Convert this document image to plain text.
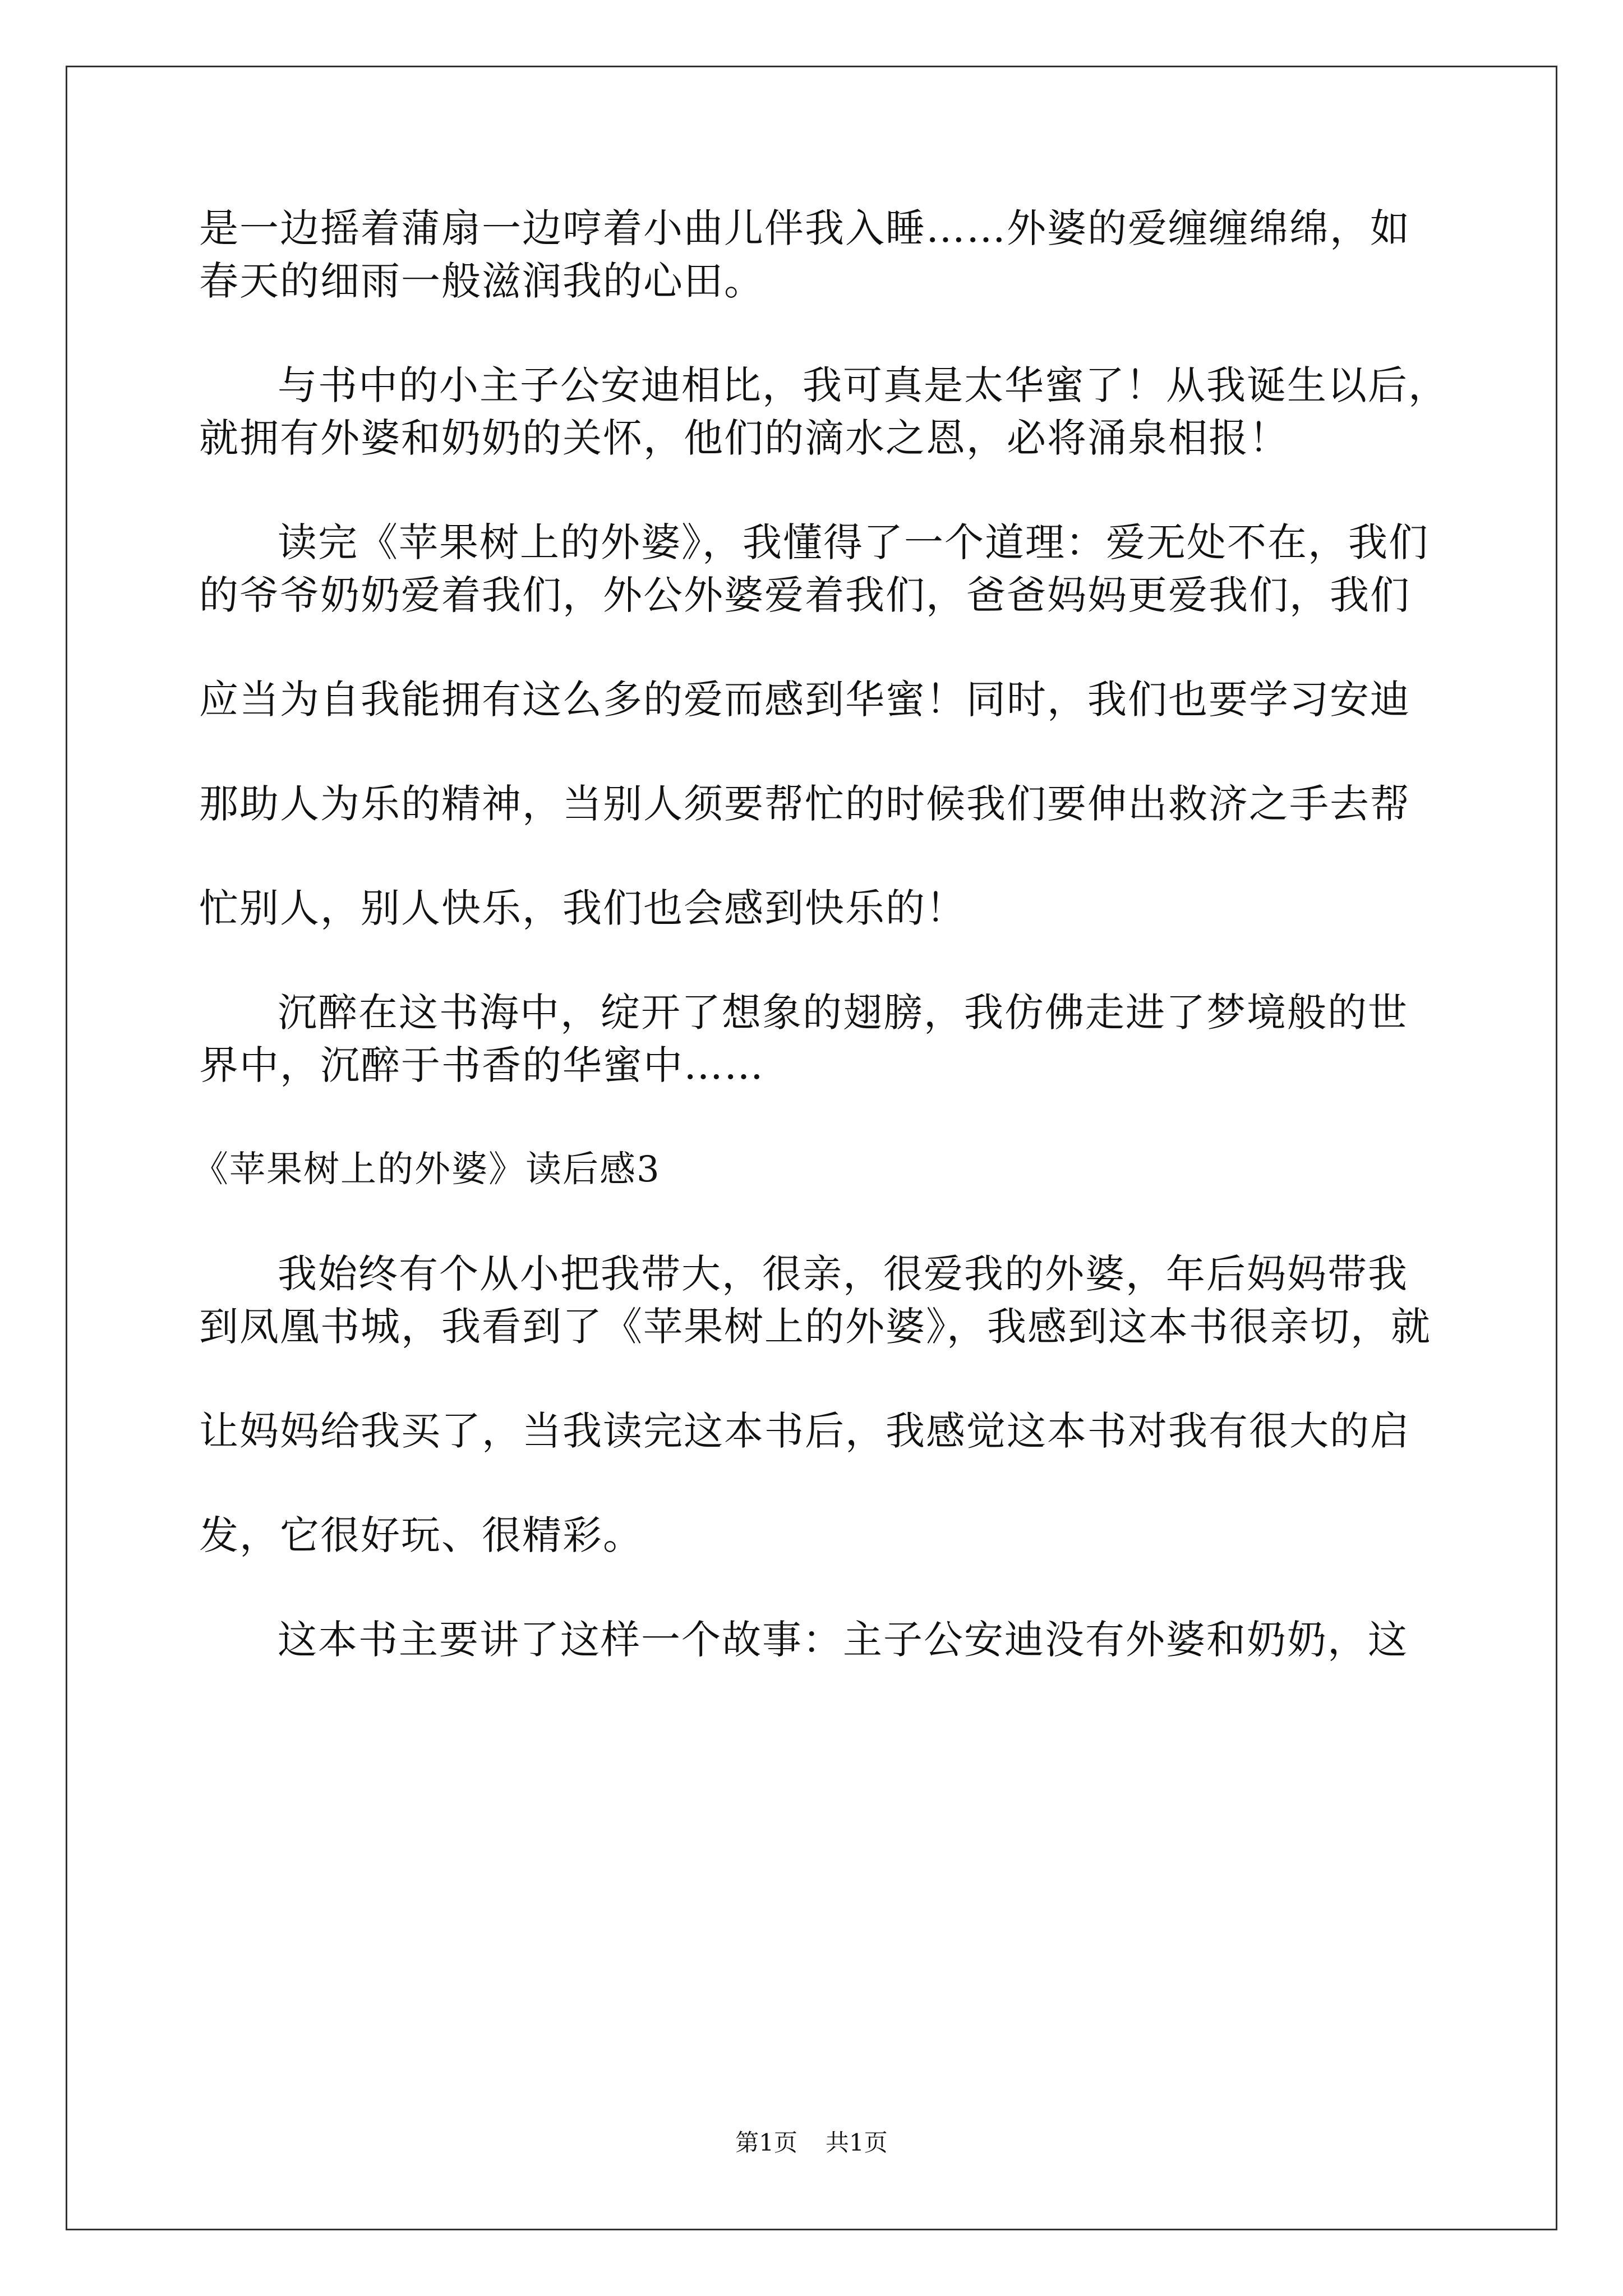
是一边摇着蒲扇一边哼着小曲儿伴我入睡……外婆的爱缠缠绵绵，如
春天的细雨一般滋润我的心田。
与书中的小主子公安迪相比，我可真是太华蜜了！从我诞生以后，
就拥有外婆和奶奶的关怀，他们的滴水之恩，必将涌泉相报！
读完《苹果树上的外婆》，我懂得了一个道理：爱无处不在，我们
的爷爷奶奶爱着我们，外公外婆爱着我们，爸爸妈妈更爱我们，我们
应当为自我能拥有这么多的爱而感到华蜜！同时，我们也要学习安迪
那助人为乐的精神，当别人须要帮忙的时候我们要伸出救济之手去帮
忙别人，别人快乐，我们也会感到快乐的！
沉醉在这书海中，绽开了想象的翅膀，我仿佛走进了梦境般的世
界中，沉醉于书香的华蜜中……
《苹果树上的外婆》读后感3
我始终有个从小把我带大，很亲，很爱我的外婆，年后妈妈带我
到凤凰书城，我看到了《苹果树上的外婆》，我感到这本书很亲切，就
让妈妈给我买了，当我读完这本书后，我感觉这本书对我有很大的启
发，它很好玩、很精彩。
这本书主要讲了这样一个故事：主子公安迪没有外婆和奶奶，这
第1页 共1页
